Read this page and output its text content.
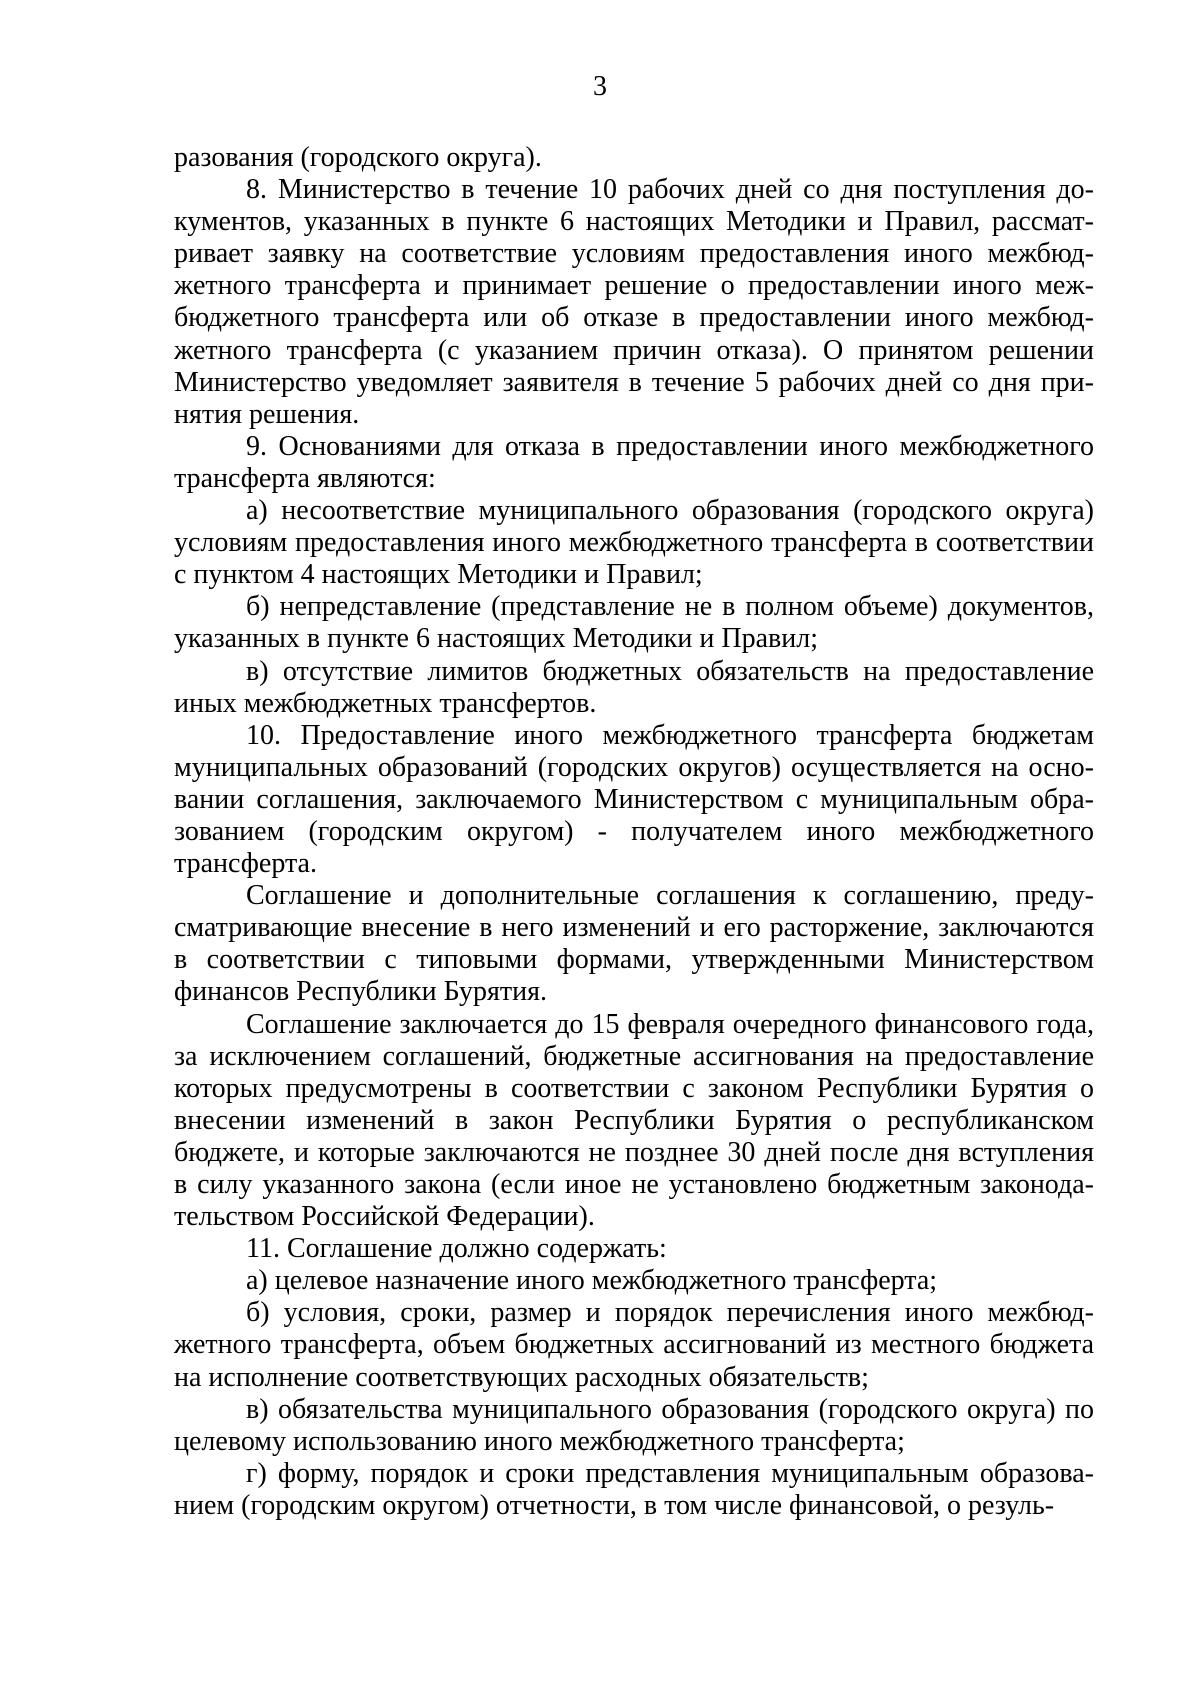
3

разования (городского округа).

8. Министерство в течение 10 рабочих дней со дня поступления документов, указанных в пункте 6 настоящих Методики и Правил, рассматривает заявку на соответствие условиям предоставления иного межбюджетного трансферта и принимает решение о предоставлении иного межбюджетного трансферта или об отказе в предоставлении иного межбюджетного трансферта (с указанием причин отказа). О принятом решении Министерство уведомляет заявителя в течение 5 рабочих дней со дня принятия решения.

9. Основаниями для отказа в предоставлении иного межбюджетного трансферта являются:

а) несоответствие муниципального образования (городского округа) условиям предоставления иного межбюджетного трансферта в соответствии с пунктом 4 настоящих Методики и Правил;

б) непредставление (представление не в полном объеме) документов, указанных в пункте 6 настоящих Методики и Правил;

в) отсутствие лимитов бюджетных обязательств на предоставление иных межбюджетных трансфертов.

10. Предоставление иного межбюджетного трансферта бюджетам муниципальных образований (городских округов) осуществляется на основании соглашения, заключаемого Министерством с муниципальным образованием (городским округом) - получателем иного межбюджетного трансферта.

Соглашение и дополнительные соглашения к соглашению, предусматривающие внесение в него изменений и его расторжение, заключаются в соответствии с типовыми формами, утвержденными Министерством финансов Республики Бурятия.

Соглашение заключается до 15 февраля очередного финансового года, за исключением соглашений, бюджетные ассигнования на предоставление которых предусмотрены в соответствии с законом Республики Бурятия о внесении изменений в закон Республики Бурятия о республиканском бюджете, и которые заключаются не позднее 30 дней после дня вступления в силу указанного закона (если иное не установлено бюджетным законодательством Российской Федерации).

11. Соглашение должно содержать:

а) целевое назначение иного межбюджетного трансферта;

б) условия, сроки, размер и порядок перечисления иного межбюджетного трансферта, объем бюджетных ассигнований из местного бюджета на исполнение соответствующих расходных обязательств;

в) обязательства муниципального образования (городского округа) по целевому использованию иного межбюджетного трансферта;

г) форму, порядок и сроки представления муниципальным образованием (городским округом) отчетности, в том числе финансовой, о резуль-
